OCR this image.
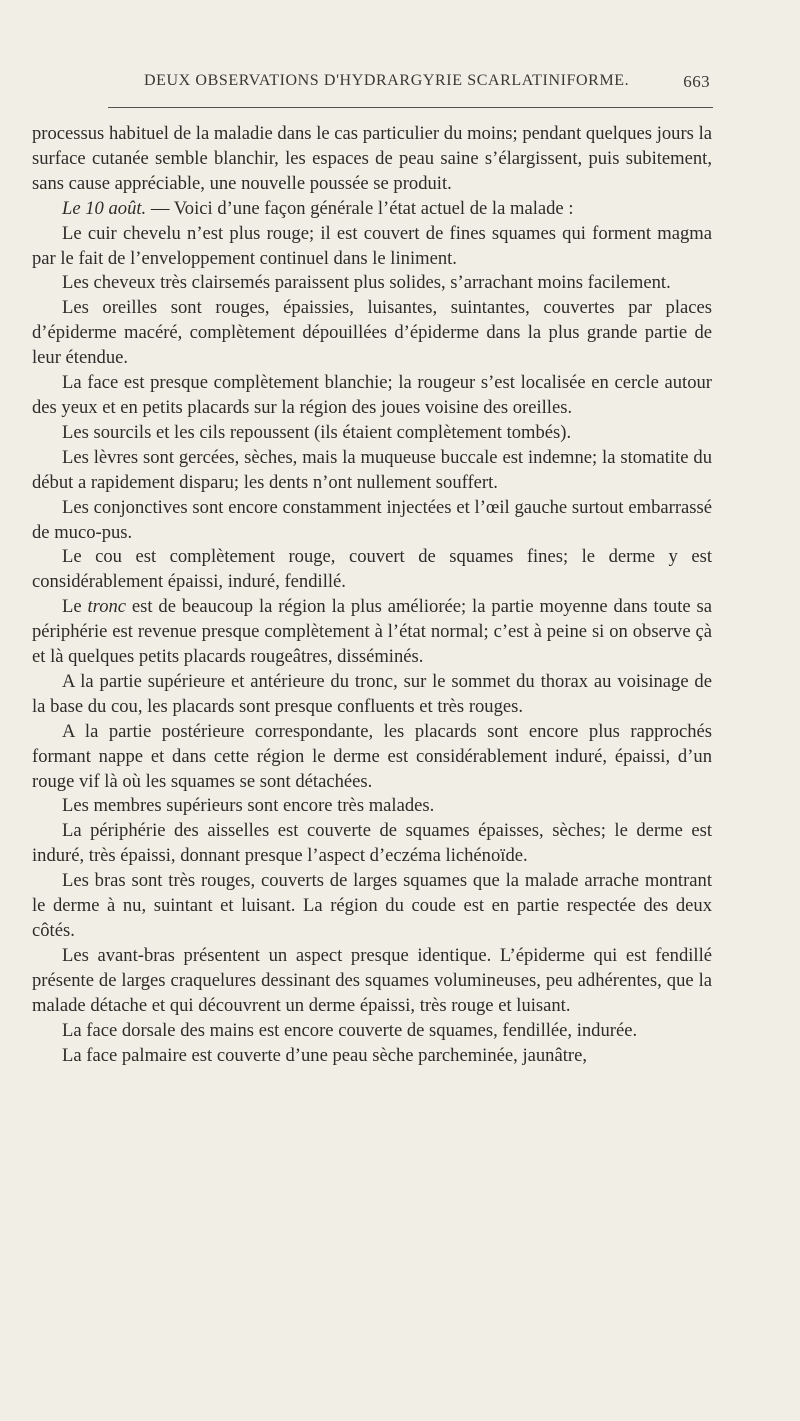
DEUX OBSERVATIONS D'HYDRARGYRIE SCARLATINIFORME.	663

processus habituel de la maladie dans le cas particulier du moins; pendant quelques jours la surface cutanée semble blanchir, les espaces de peau saine s’élargissent, puis subitement, sans cause appréciable, une nouvelle poussée se produit.

Le 10 août. — Voici d’une façon générale l’état actuel de la malade :

Le cuir chevelu n’est plus rouge; il est couvert de fines squames qui forment magma par le fait de l’enveloppement continuel dans le liniment.

Les cheveux très clairsemés paraissent plus solides, s’arrachant moins facilement.

Les oreilles sont rouges, épaissies, luisantes, suintantes, couvertes par places d’épiderme macéré, complètement dépouillées d’épiderme dans la plus grande partie de leur étendue.

La face est presque complètement blanchie; la rougeur s’est localisée en cercle autour des yeux et en petits placards sur la région des joues voisine des oreilles.

Les sourcils et les cils repoussent (ils étaient complètement tombés).

Les lèvres sont gercées, sèches, mais la muqueuse buccale est indemne; la stomatite du début a rapidement disparu; les dents n’ont nullement souffert.

Les conjonctives sont encore constamment injectées et l’œil gauche surtout embarrassé de muco-pus.

Le cou est complètement rouge, couvert de squames fines; le derme y est considérablement épaissi, induré, fendillé.

Le tronc est de beaucoup la région la plus améliorée; la partie moyenne dans toute sa périphérie est revenue presque complètement à l’état normal; c’est à peine si on observe çà et là quelques petits placards rougeâtres, disséminés.

A la partie supérieure et antérieure du tronc, sur le sommet du thorax au voisinage de la base du cou, les placards sont presque confluents et très rouges.

A la partie postérieure correspondante, les placards sont encore plus rapprochés formant nappe et dans cette région le derme est considérablement induré, épaissi, d’un rouge vif là où les squames se sont détachées.

Les membres supérieurs sont encore très malades.

La périphérie des aisselles est couverte de squames épaisses, sèches; le derme est induré, très épaissi, donnant presque l’aspect d’eczéma lichénoïde.

Les bras sont très rouges, couverts de larges squames que la malade arrache montrant le derme à nu, suintant et luisant. La région du coude est en partie respectée des deux côtés.

Les avant-bras présentent un aspect presque identique. L’épiderme qui est fendillé présente de larges craquelures dessinant des squames volumineuses, peu adhérentes, que la malade détache et qui découvrent un derme épaissi, très rouge et luisant.

La face dorsale des mains est encore couverte de squames, fendillée, indurée.

La face palmaire est couverte d’une peau sèche parcheminée, jaunâtre,
